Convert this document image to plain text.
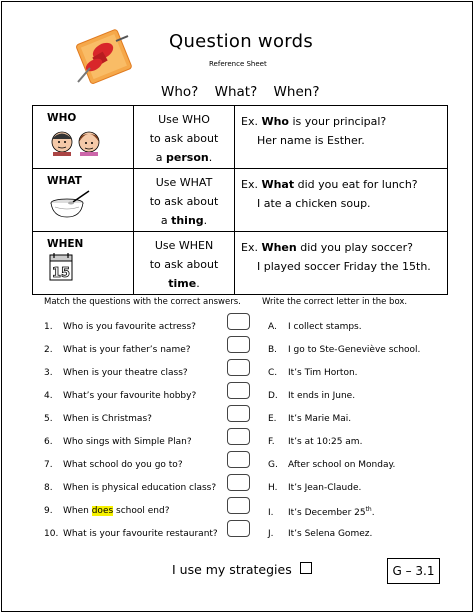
Question words
Reference Sheet
Who? What? When?
WHO	Use WHO
to ask about
a person.	Ex. Who is your principal?
Her name is Esther.

WHAT	Use WHAT
to ask about
a thing.	Ex. What did you eat for lunch?
I ate a chicken soup.

WHEN
15	Use WHEN
to ask about
time.	Ex. When did you play soccer?
I played soccer Friday the 15th.
Match the questions with the correct answers. Write the correct letter in the box.
1. Who is you favourite actress?
2. What is your father’s name?
3. When is your theatre class?
4. What’s your favourite hobby?
5. When is Christmas?
6. Who sings with Simple Plan?
7. What school do you go to?
8. When is physical education class?
9. When does school end?
10. What is your favourite restaurant?
A. I collect stamps.
B. I go to Ste-Geneviève school.
C. It’s Tim Horton.
D. It ends in June.
E. It’s Marie Mai.
F. It’s at 10:25 am.
G. After school on Monday.
H. It’s Jean-Claude.
I. It’s December 25th.
J. It’s Selena Gomez.
I use my strategies	G – 3.1
